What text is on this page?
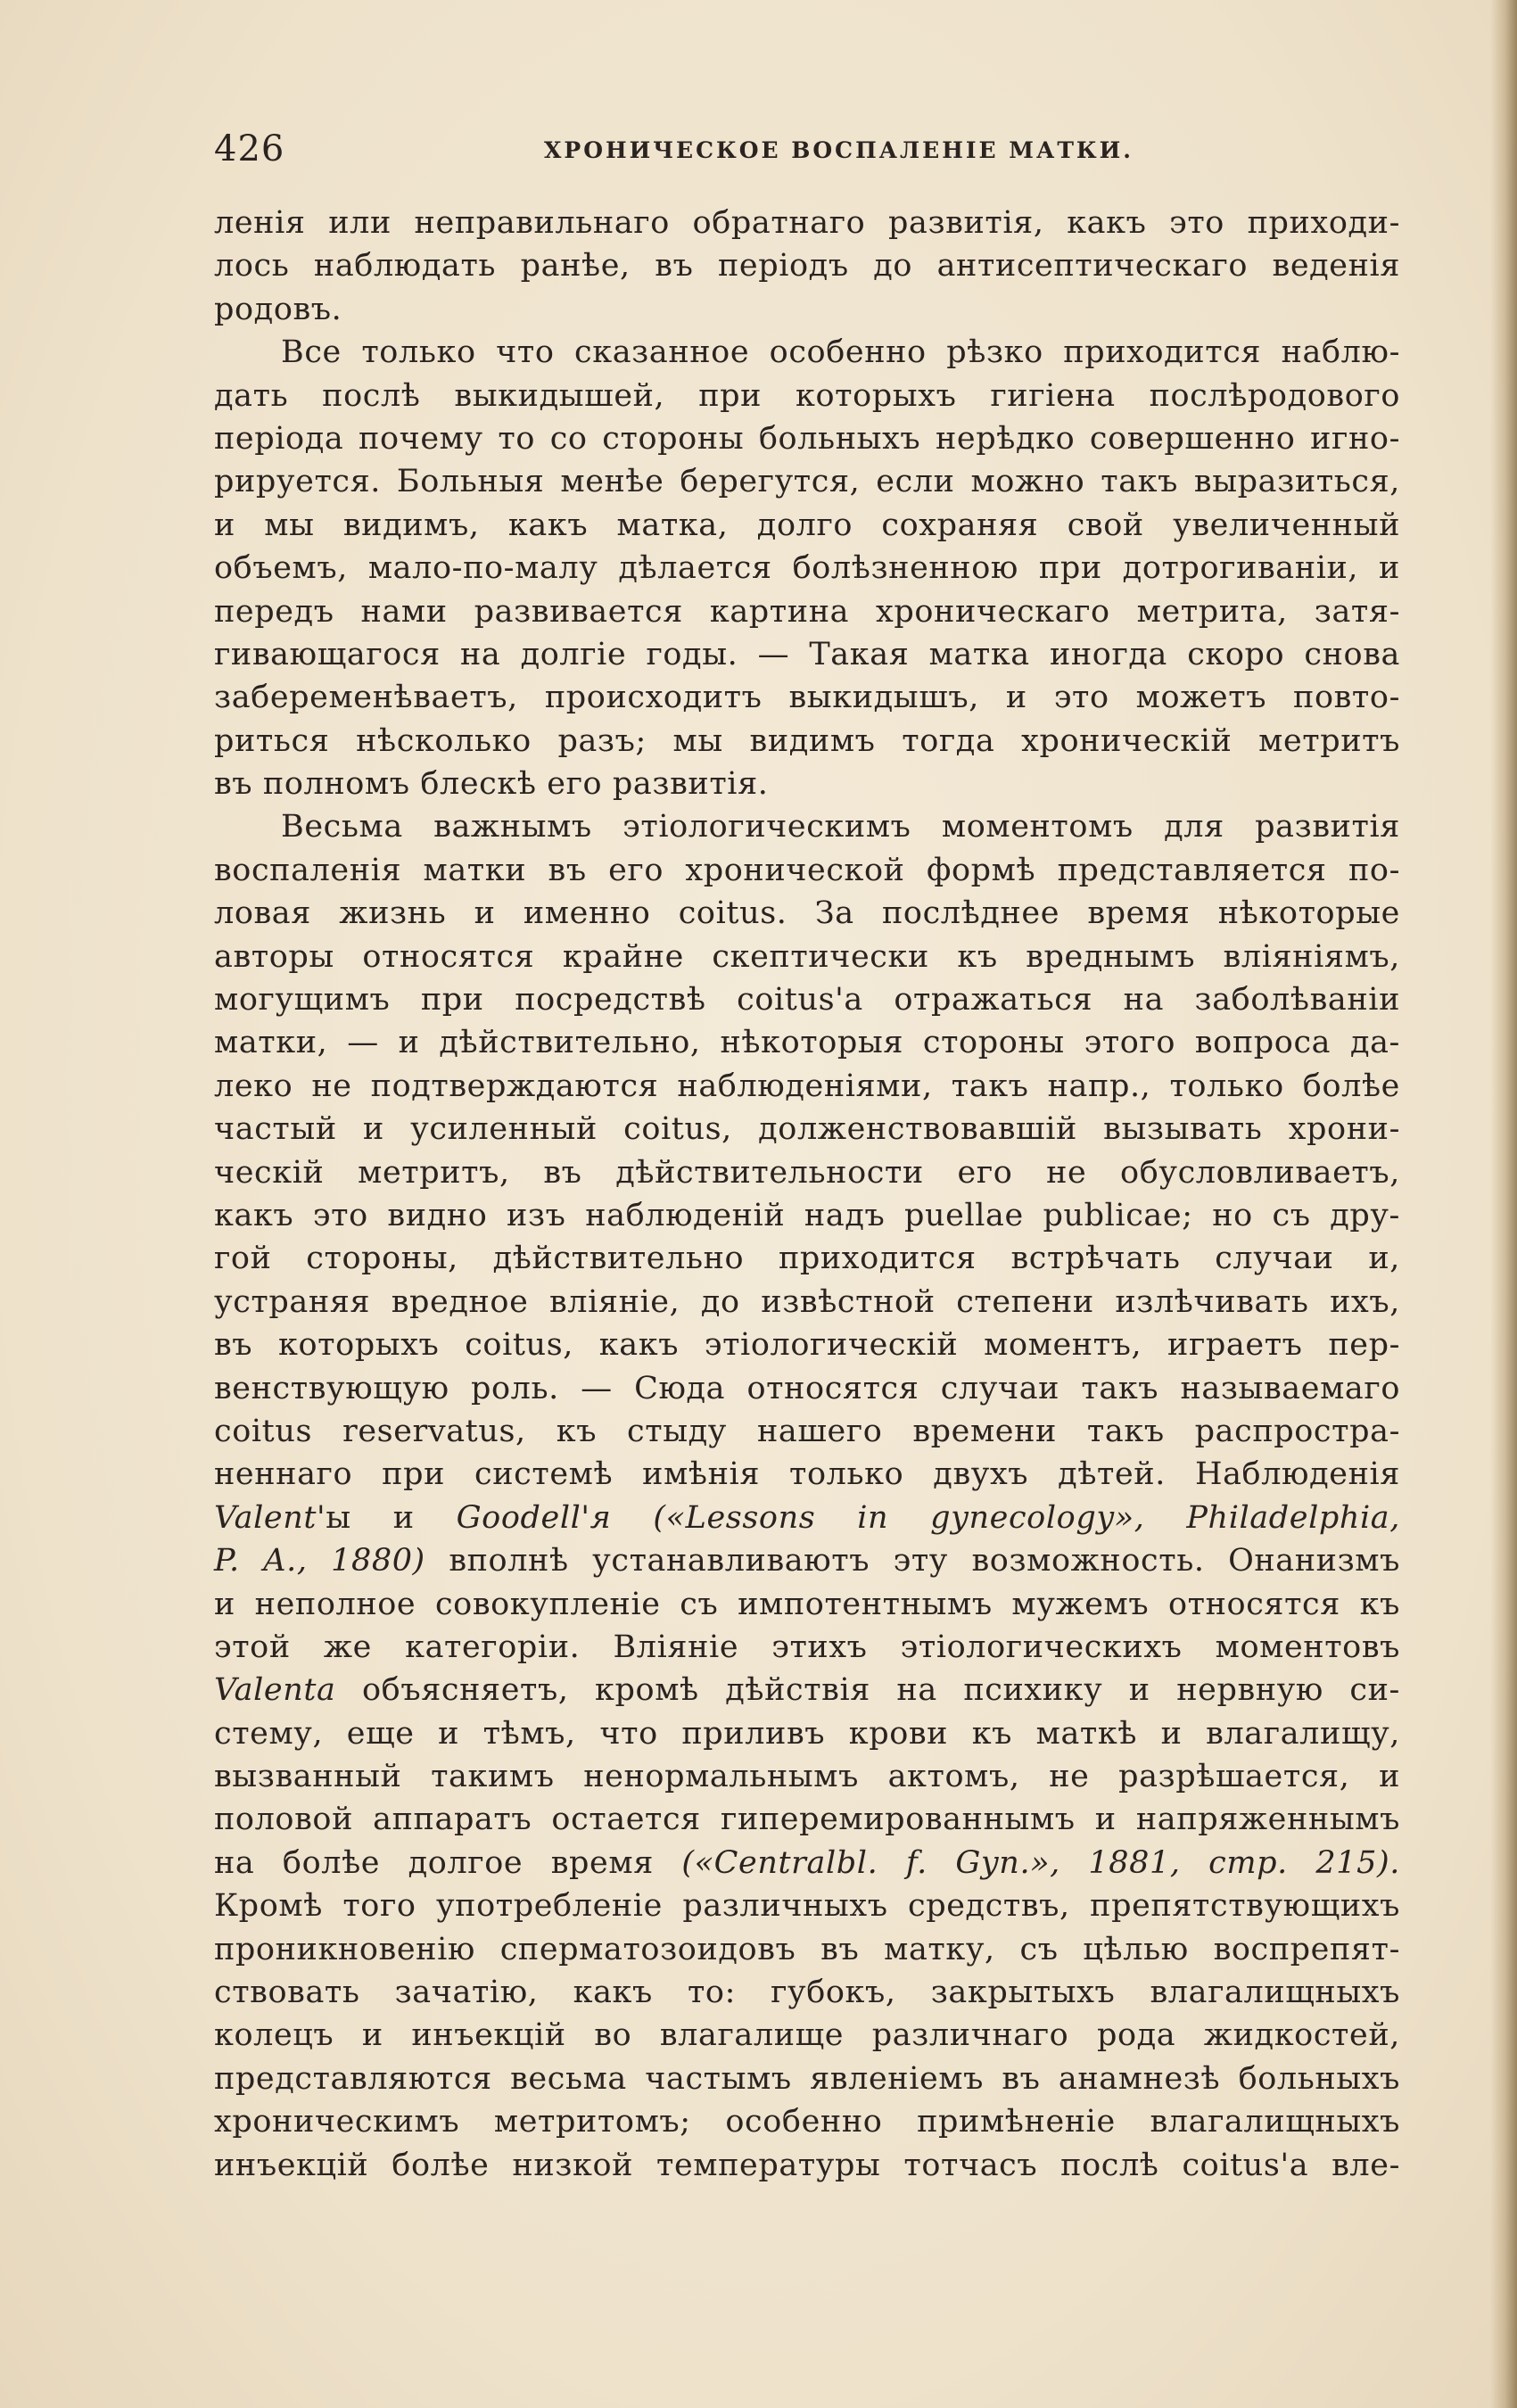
426	ХРОНИЧЕСКОЕ ВОСПАЛЕНІЕ МАТКИ.
ленія или неправильнаго обратнаго развитія, какъ это приходи-
лось наблюдать ранѣе, въ періодъ до антисептическаго веденія
родовъ.
Все только что сказанное особенно рѣзко приходится наблю-
дать послѣ выкидышей, при которыхъ гигіена послѣродового
періода почему то со стороны больныхъ нерѣдко совершенно игно-
рируется. Больныя менѣе берегутся, если можно такъ выразиться,
и мы видимъ, какъ матка, долго сохраняя свой увеличенный
объемъ, мало-по-малу дѣлается болѣзненною при дотрогиваніи, и
передъ нами развивается картина хроническаго метрита, затя-
гивающагося на долгіе годы. — Такая матка иногда скоро снова
забеременѣваетъ, происходитъ выкидышъ, и это можетъ повто-
риться нѣсколько разъ; мы видимъ тогда хроническій метритъ
въ полномъ блескѣ его развитія.
Весьма важнымъ этіологическимъ моментомъ для развитія
воспаленія матки въ его хронической формѣ представляется по-
ловая жизнь и именно coitus. За послѣднее время нѣкоторые
авторы относятся крайне скептически къ вреднымъ вліяніямъ,
могущимъ при посредствѣ coitus'а отражаться на заболѣваніи
матки, — и дѣйствительно, нѣкоторыя стороны этого вопроса да-
леко не подтверждаются наблюденіями, такъ напр., только болѣе
частый и усиленный coitus, долженствовавшій вызывать хрони-
ческій метритъ, въ дѣйствительности его не обусловливаетъ,
какъ это видно изъ наблюденій надъ puellae publicae; но съ дру-
гой стороны, дѣйствительно приходится встрѣчать случаи и,
устраняя вредное вліяніе, до извѣстной степени излѣчивать ихъ,
въ которыхъ coitus, какъ этіологическій моментъ, играетъ пер-
венствующую роль. — Сюда относятся случаи такъ называемаго
coitus reservatus, къ стыду нашего времени такъ распростра-
неннаго при системѣ имѣнія только двухъ дѣтей. Наблюденія
Valent'ы и Goodell'я («Lessons in gynecology», Philadelphia,
P. A., 1880) вполнѣ устанавливаютъ эту возможность. Онанизмъ
и неполное совокупленіе съ импотентнымъ мужемъ относятся къ
этой же категоріи. Вліяніе этихъ этіологическихъ моментовъ
Valenta объясняетъ, кромѣ дѣйствія на психику и нервную си-
стему, еще и тѣмъ, что приливъ крови къ маткѣ и влагалищу,
вызванный такимъ ненормальнымъ актомъ, не разрѣшается, и
половой аппаратъ остается гиперемированнымъ и напряженнымъ
на болѣе долгое время («Centralbl. f. Gyn.», 1881, стр. 215).
Кромѣ того употребленіе различныхъ средствъ, препятствующихъ
проникновенію сперматозоидовъ въ матку, съ цѣлью воспрепят-
ствовать зачатію, какъ то: губокъ, закрытыхъ влагалищныхъ
колецъ и инъекцій во влагалище различнаго рода жидкостей,
представляются весьма частымъ явленіемъ въ анамнезѣ больныхъ
хроническимъ метритомъ; особенно примѣненіе влагалищныхъ
инъекцій болѣе низкой температуры тотчасъ послѣ coitus'а вле-
